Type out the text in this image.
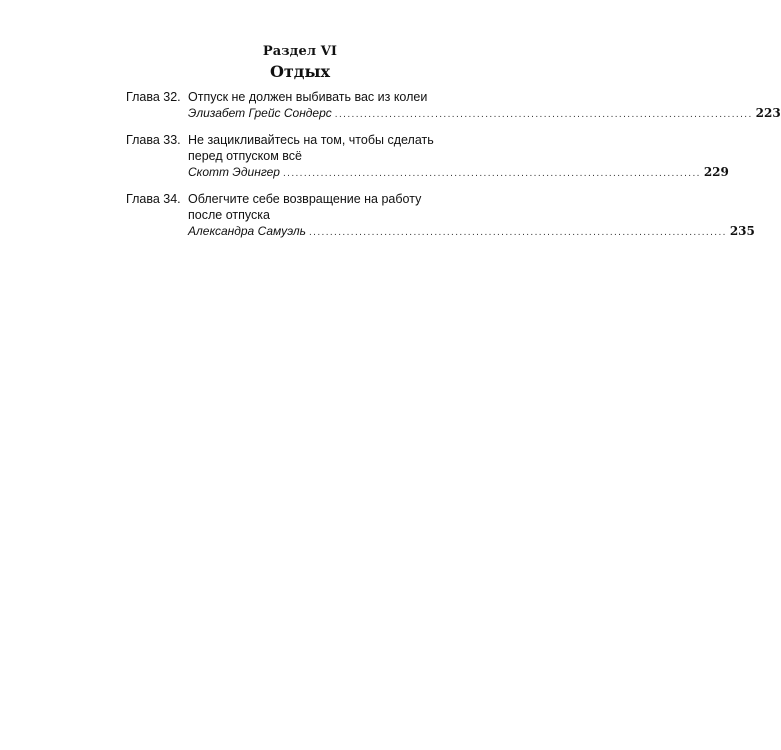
Раздел VI
Отдых
Глава 32. Отпуск не должен выбивать вас из колеи
Элизабет Грейс Сондерс .................................................................................................... 223
Глава 33. Не зацикливайтесь на том, чтобы сделать
перед отпуском всё
Скотт Эдингер .................................................................................................... 229
Глава 34. Облегчите себе возвращение на работу
после отпуска
Александра Самуэль .................................................................................................... 235
